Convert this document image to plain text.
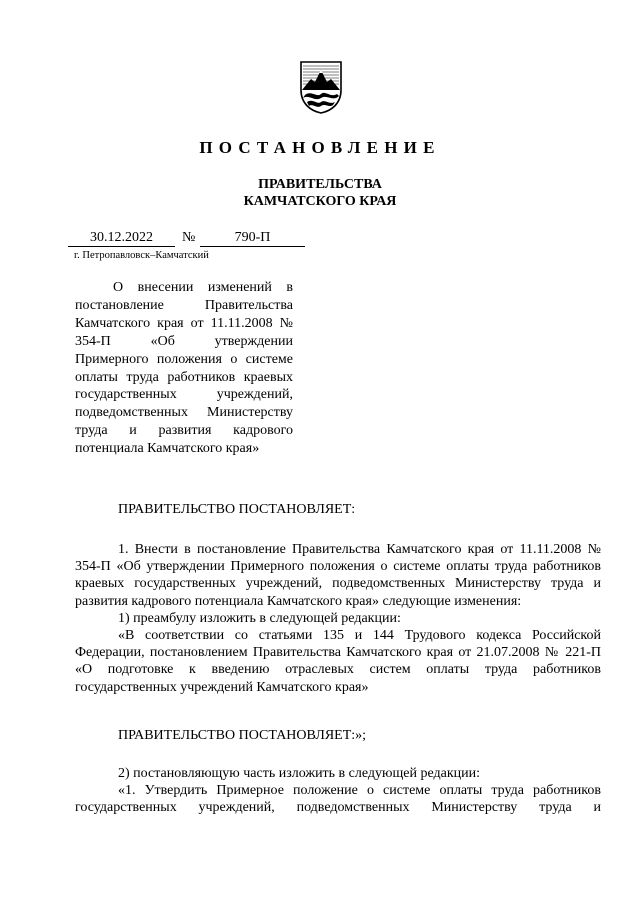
ПОСТАНОВЛЕНИЕ
ПРАВИТЕЛЬСТВА
КАМЧАТСКОГО КРАЯ
30.12.2022	№	790-П
г. Петропавловск–Камчатский

О внесении изменений в постановление Правительства Камчатского края от 11.11.2008 № 354-П «Об утверждении Примерного положения о системе оплаты труда работников краевых государственных учреждений, подведомственных Министерству труда и развития кадрового потенциала Камчатского края»

ПРАВИТЕЛЬСТВО ПОСТАНОВЛЯЕТ:

1. Внести в постановление Правительства Камчатского края от 11.11.2008 № 354-П «Об утверждении Примерного положения о системе оплаты труда работников краевых государственных учреждений, подведомственных Министерству труда и развития кадрового потенциала Камчатского края» следующие изменения:

1) преамбулу изложить в следующей редакции:

«В соответствии со статьями 135 и 144 Трудового кодекса Российской Федерации, постановлением Правительства Камчатского края от 21.07.2008 № 221-П «О подготовке к введению отраслевых систем оплаты труда работников государственных учреждений Камчатского края»

ПРАВИТЕЛЬСТВО ПОСТАНОВЛЯЕТ:»;

2) постановляющую часть изложить в следующей редакции:

«1. Утвердить Примерное положение о системе оплаты труда работников государственных учреждений, подведомственных Министерству труда и
